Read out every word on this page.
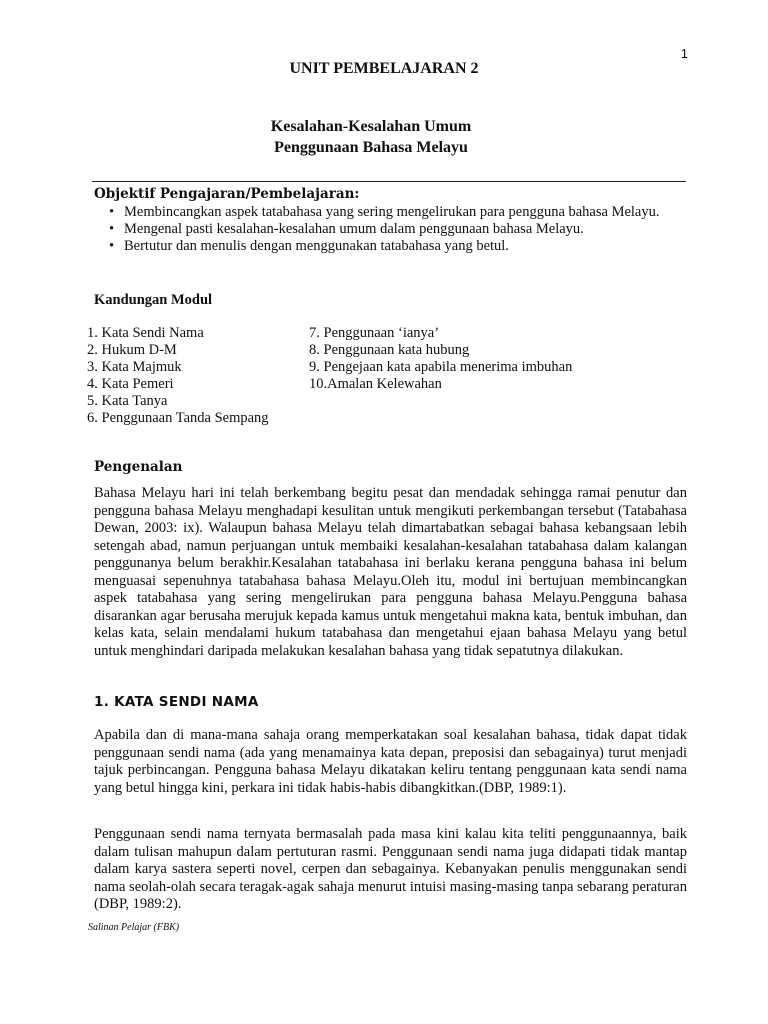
1
UNIT PEMBELAJARAN 2
Kesalahan-Kesalahan Umum
Penggunaan Bahasa Melayu
Objektif Pengajaran/Pembelajaran:
• Membincangkan aspek tatabahasa yang sering mengelirukan para pengguna bahasa Melayu.
• Mengenal pasti kesalahan-kesalahan umum dalam penggunaan bahasa Melayu.
• Bertutur dan menulis dengan menggunakan tatabahasa yang betul.
Kandungan Modul
1. Kata Sendi Nama
2. Hukum D-M
3. Kata Majmuk
4. Kata Pemeri
5. Kata Tanya
6. Penggunaan Tanda Sempang
7. Penggunaan ‘ianya’
8. Penggunaan kata hubung
9. Pengejaan kata apabila menerima imbuhan
10.Amalan Kelewahan
Pengenalan
Bahasa Melayu hari ini telah berkembang begitu pesat dan mendadak sehingga ramai penutur dan pengguna bahasa Melayu menghadapi kesulitan untuk mengikuti perkembangan tersebut (Tatabahasa Dewan, 2003: ix). Walaupun bahasa Melayu telah dimartabatkan sebagai bahasa kebangsaan lebih setengah abad, namun perjuangan untuk membaiki kesalahan-kesalahan tatabahasa dalam kalangan penggunanya belum berakhir.Kesalahan tatabahasa ini berlaku kerana pengguna bahasa ini belum menguasai sepenuhnya tatabahasa bahasa Melayu.Oleh itu, modul ini bertujuan membincangkan aspek tatabahasa yang sering mengelirukan para pengguna bahasa Melayu.Pengguna bahasa disarankan agar berusaha merujuk kepada kamus untuk mengetahui makna kata, bentuk imbuhan, dan kelas kata, selain mendalami hukum tatabahasa dan mengetahui ejaan bahasa Melayu yang betul untuk menghindari daripada melakukan kesalahan bahasa yang tidak sepatutnya dilakukan.
1. KATA SENDI NAMA
Apabila dan di mana-mana sahaja orang memperkatakan soal kesalahan bahasa, tidak dapat tidak penggunaan sendi nama (ada yang menamainya kata depan, preposisi dan sebagainya) turut menjadi tajuk perbincangan. Pengguna bahasa Melayu dikatakan keliru tentang penggunaan kata sendi nama yang betul hingga kini, perkara ini tidak habis-habis dibangkitkan.(DBP, 1989:1).
Penggunaan sendi nama ternyata bermasalah pada masa kini kalau kita teliti penggunaannya, baik dalam tulisan mahupun dalam pertuturan rasmi. Penggunaan sendi nama juga didapati tidak mantap dalam karya sastera seperti novel, cerpen dan sebagainya. Kebanyakan penulis menggunakan sendi nama seolah-olah secara teragak-agak sahaja menurut intuisi masing-masing tanpa sebarang peraturan (DBP, 1989:2).
Salinan Pelajar (FBK)
